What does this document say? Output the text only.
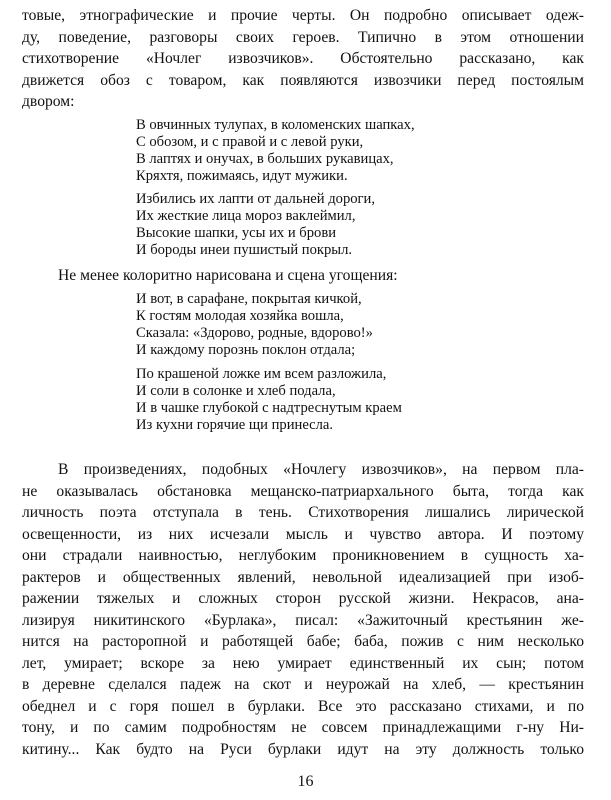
товые, этнографические и прочие черты. Он подробно описывает одеж-
ду, поведение, разговоры своих героев. Типично в этом отношении
стихотворение «Ночлег извозчиков». Обстоятельно рассказано, как
движется обоз с товаром, как появляются извозчики перед постоялым
двором:
В овчинных тулупах, в коломенских шапках,
С обозом, и с правой и с левой руки,
В лаптях и онучах, в больших рукавицах,
Кряхтя, пожимаясь, идут мужики.
Избились их лапти от дальней дороги,
Их жесткие лица мороз ваклеймил,
Высокие шапки, усы их и брови
И бороды инеи пушистый покрыл.
Не менее колоритно нарисована и сцена угощения:
И вот, в сарафане, покрытая кичкой,
К гостям молодая хозяйка вошла,
Сказала: «Здорово, родные, вдорово!»
И каждому порознь поклон отдала;
По крашеной ложке им всем разложила,
И соли в солонке и хлеб подала,
И в чашке глубокой с надтреснутым краем
Из кухни горячие щи принесла.
В произведениях, подобных «Ночлегу извозчиков», на первом пла-
не оказывалась обстановка мещанско-патриархального быта, тогда как
личность поэта отступала в тень. Стихотворения лишались лирической
освещенности, из них исчезали мысль и чувство автора. И поэтому
они страдали наивностью, неглубоким проникновением в сущность ха-
рактеров и общественных явлений, невольной идеализацией при изоб-
ражении тяжелых и сложных сторон русской жизни. Некрасов, ана-
лизируя никитинского «Бурлака», писал: «Зажиточный крестьянин же-
нится на расторопной и работящей бабе; баба, пожив с ним несколько
лет, умирает; вскоре за нею умирает единственный их сын; потом
в деревне сделался падеж на скот и неурожай на хлеб, — крестьянин
обеднел и с горя пошел в бурлаки. Все это рассказано стихами, и по
тону, и по самим подробностям не совсем принадлежащими г-ну Ни-
китину... Как будто на Руси бурлаки идут на эту должность только
16
